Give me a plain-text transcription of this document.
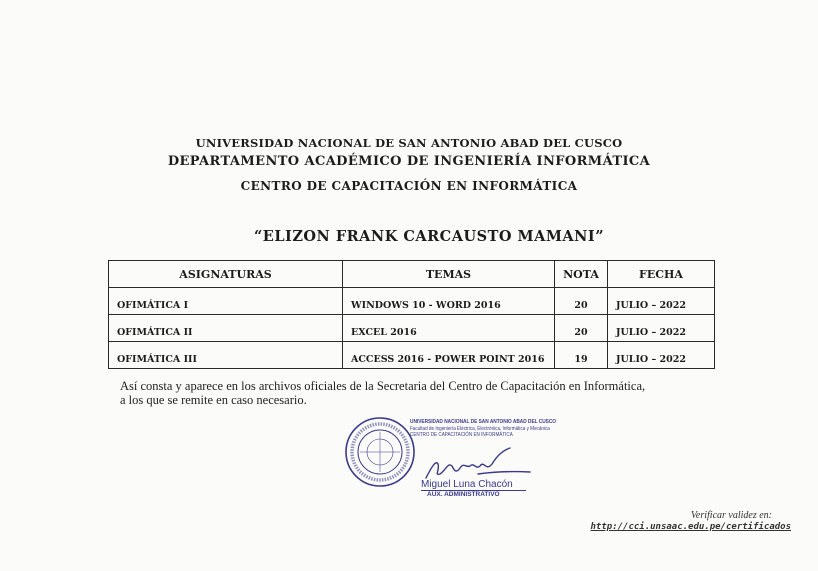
UNIVERSIDAD NACIONAL DE SAN ANTONIO ABAD DEL CUSCO
DEPARTAMENTO ACADÉMICO DE INGENIERÍA INFORMÁTICA
CENTRO DE CAPACITACIÓN EN INFORMÁTICA
“ELIZON FRANK CARCAUSTO MAMANI”
ASIGNATURAS	TEMAS	NOTA	FECHA
OFIMÁTICA I	WINDOWS 10 - WORD 2016	20	JULIO – 2022
OFIMÁTICA II	EXCEL 2016	20	JULIO – 2022
OFIMÁTICA III	ACCESS 2016 - POWER POINT 2016	19	JULIO – 2022
Así consta y aparece en los archivos oficiales de la Secretaria del Centro de Capacitación en Informática,
a los que se remite en caso necesario.
UNIVERSIDAD NACIONAL DE SAN ANTONIO ABAD DEL CUSCO
Facultad de Ingeniería Eléctrica, Electrónica, Informática y Mecánica
CENTRO DE CAPACITACIÓN EN INFORMÁTICA
Miguel Luna Chacón
AUX. ADMINISTRATIVO
Verificar validez en:
http://cci.unsaac.edu.pe/certificados
